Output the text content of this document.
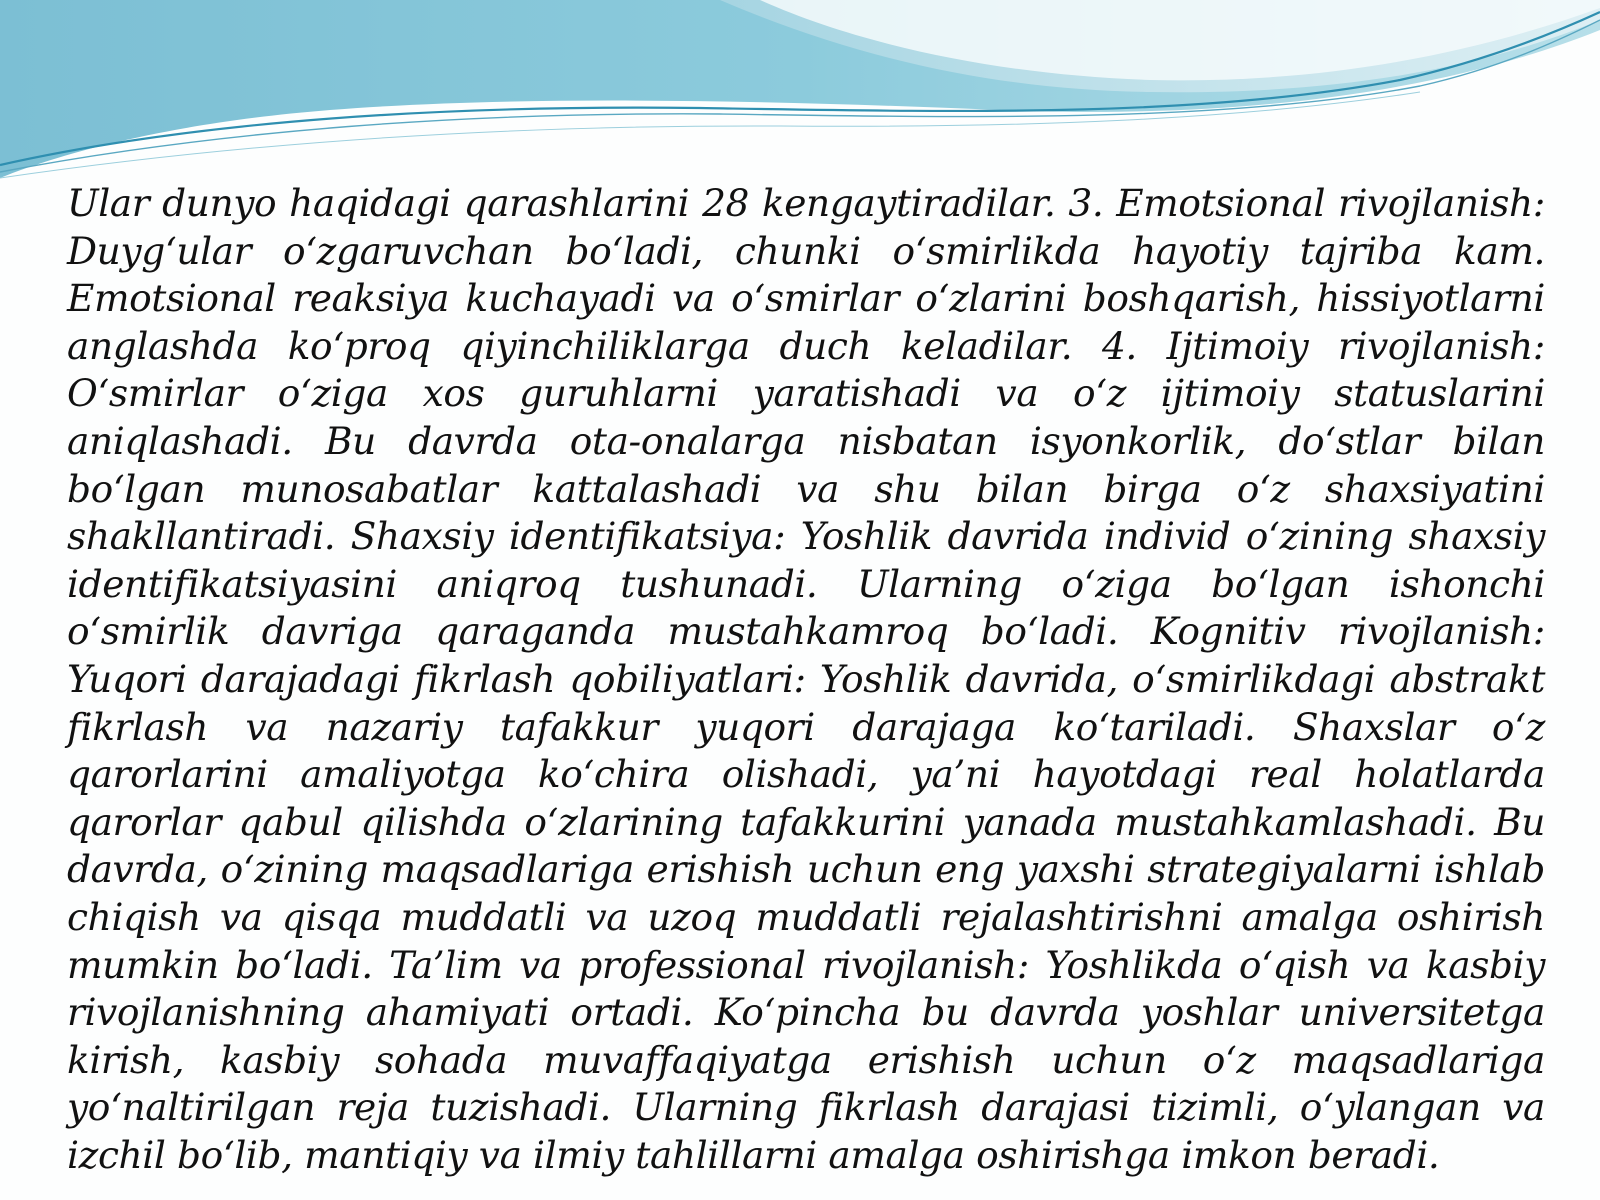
Ular dunyo haqidagi qarashlarini 28 kengaytiradilar. 3. Emotsional rivojlanish: Duyg‘ular o‘zgaruvchan bo‘ladi, chunki o‘smirlikda hayotiy tajriba kam. Emotsional reaksiya kuchayadi va o‘smirlar o‘zlarini boshqarish, hissiyotlarni anglashda ko‘proq qiyinchiliklarga duch keladilar. 4. Ijtimoiy rivojlanish: O‘smirlar o‘ziga xos guruhlarni yaratishadi va o‘z ijtimoiy statuslarini aniqlashadi. Bu davrda ota-onalarga nisbatan isyonkorlik, do‘stlar bilan bo‘lgan munosabatlar kattalashadi va shu bilan birga o‘z shaxsiyatini shakllantiradi. Shaxsiy identifikatsiya: Yoshlik davrida individ o‘zining shaxsiy identifikatsiyasini aniqroq tushunadi. Ularning o‘ziga bo‘lgan ishonchi o‘smirlik davriga qaraganda mustahkamroq bo‘ladi. Kognitiv rivojlanish: Yuqori darajadagi fikrlash qobiliyatlari: Yoshlik davrida, o‘smirlikdagi abstrakt fikrlash va nazariy tafakkur yuqori darajaga ko‘tariladi. Shaxslar o‘z qarorlarini amaliyotga ko‘chira olishadi, ya’ni hayotdagi real holatlarda qarorlar qabul qilishda o‘zlarining tafakkurini yanada mustahkamlashadi. Bu davrda, o‘zining maqsadlariga erishish uchun eng yaxshi strategiyalarni ishlab chiqish va qisqa muddatli va uzoq muddatli rejalashtirishni amalga oshirish mumkin bo‘ladi. Ta’lim va professional rivojlanish: Yoshlikda o‘qish va kasbiy rivojlanishning ahamiyati ortadi. Ko‘pincha bu davrda yoshlar universitetga kirish, kasbiy sohada muvaffaqiyatga erishish uchun o‘z maqsadlariga yo‘naltirilgan reja tuzishadi. Ularning fikrlash darajasi tizimli, o‘ylangan va izchil bo‘lib, mantiqiy va ilmiy tahlillarni amalga oshirishga imkon beradi.
